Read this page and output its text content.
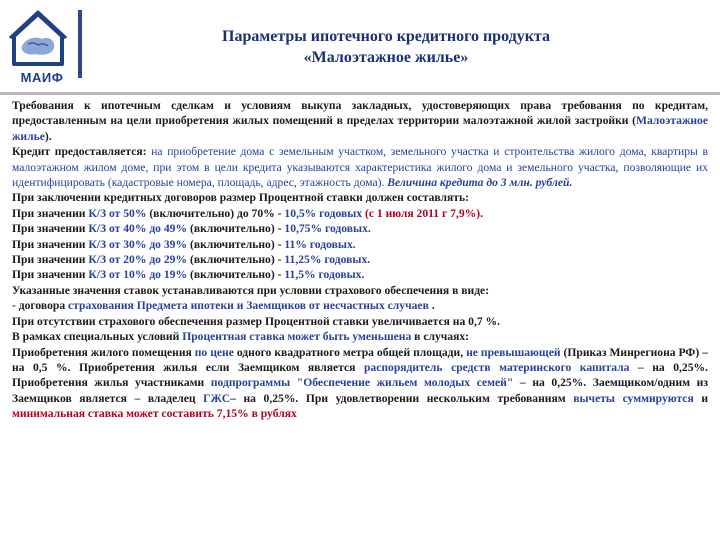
МАИФ
Параметры ипотечного кредитного продукта
«Малоэтажное жилье»

Требования к ипотечным сделкам и условиям выкупа закладных, удостоверяющих права требования по кредитам, предоставленным на цели приобретения жилых помещений в пределах территории малоэтажной жилой застройки (Малоэтажное жилье).

Кредит предоставляется: на приобретение дома с земельным участком, земельного участка и строительства жилого дома, квартиры в малоэтажном жилом доме, при этом в цели кредита указываются характеристика жилого дома и земельного участка, позволяющие их идентифицировать (кадастровые номера, площадь, адрес, этажность дома). Величина кредита до 3 млн. рублей.

При заключении кредитных договоров размер Процентной ставки должен составлять:

При значении К/З от 50% (включительно) до 70% - 10,5% годовых (с 1 июля 2011 г 7,9%).

При значении К/З от 40% до 49% (включительно) - 10,75% годовых.

При значении К/З от 30% до 39% (включительно) - 11% годовых.

При значении К/З от 20% до 29% (включительно) - 11,25% годовых.

При значении К/З от 10% до 19% (включительно) - 11,5% годовых.

Указанные значения ставок устанавливаются при условии страхового обеспечения в виде:

- договора страхования Предмета ипотеки и Заемщиков от несчастных случаев .

При отсутствии страхового обеспечения размер Процентной ставки увеличивается на 0,7 %.

В рамках специальных условий Процентная ставка может быть уменьшена в случаях:

Приобретения жилого помещения по цене одного квадратного метра общей площади, не превышающей (Приказ Минрегиона РФ) – на 0,5 %. Приобретения жилья если Заемщиком является распорядитель средств материнского капитала – на 0,25%. Приобретения жилья участниками подпрограммы "Обеспечение жильем молодых семей" – на 0,25%. Заемщиком/одним из Заемщиков является – владелец ГЖС– на 0,25%. При удовлетворении нескольким требованиям вычеты суммируются и минимальная ставка может составить 7,15% в рублях
